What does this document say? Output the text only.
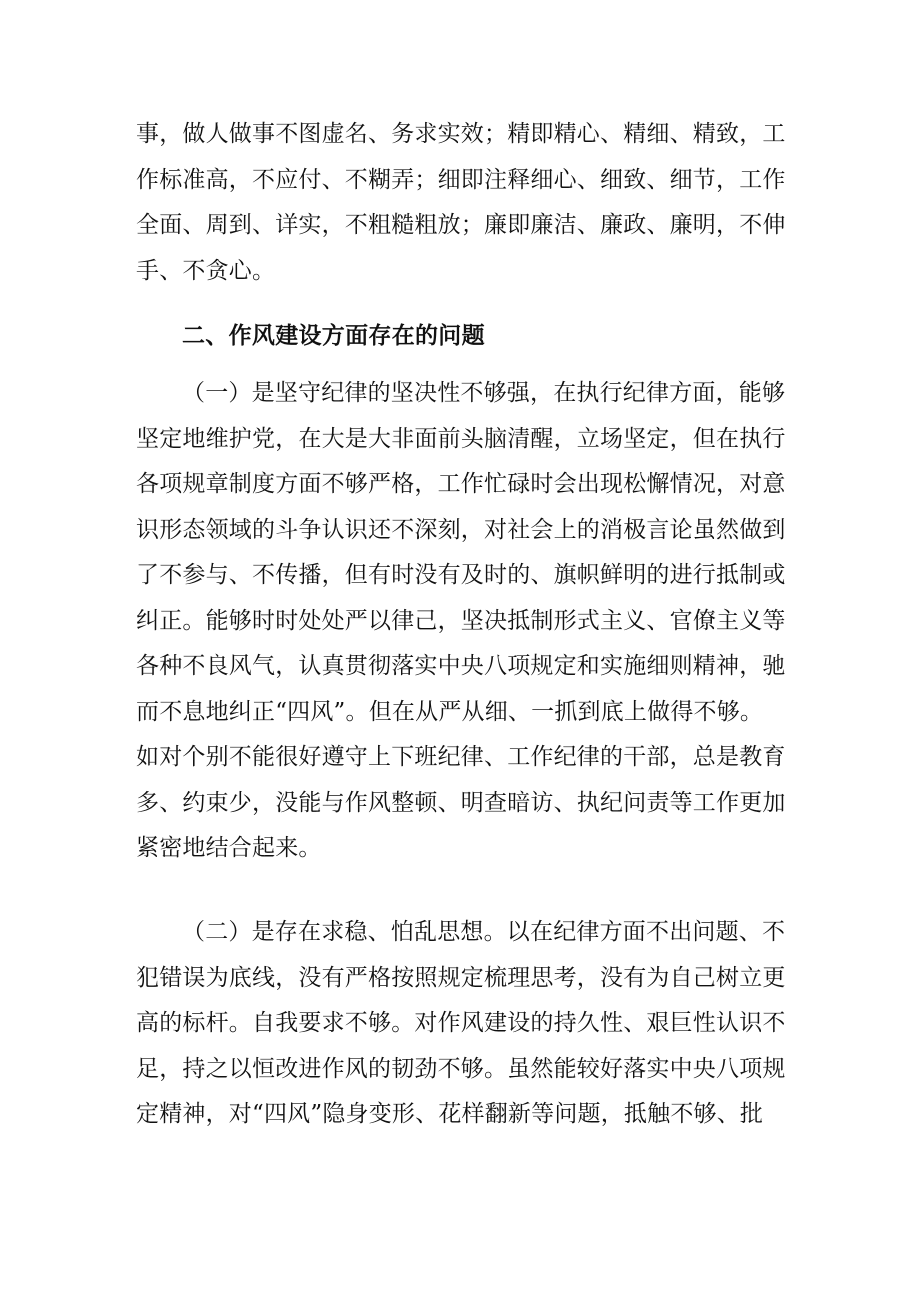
事，做人做事不图虚名、务求实效；精即精心、精细、精致，工
作标准高，不应付、不糊弄；细即注释细心、细致、细节，工作
全面、周到、详实，不粗糙粗放；廉即廉洁、廉政、廉明，不伸
手、不贪心。
二、作风建设方面存在的问题
（一）是坚守纪律的坚决性不够强，在执行纪律方面，能够
坚定地维护党，在大是大非面前头脑清醒，立场坚定，但在执行
各项规章制度方面不够严格，工作忙碌时会出现松懈情况，对意
识形态领域的斗争认识还不深刻，对社会上的消极言论虽然做到
了不参与、不传播，但有时没有及时的、旗帜鲜明的进行抵制或
纠正。能够时时处处严以律己，坚决抵制形式主义、官僚主义等
各种不良风气，认真贯彻落实中央八项规定和实施细则精神，驰
而不息地纠正“四风”。但在从严从细、一抓到底上做得不够。
如对个别不能很好遵守上下班纪律、工作纪律的干部，总是教育
多、约束少，没能与作风整顿、明查暗访、执纪问责等工作更加
紧密地结合起来。
（二）是存在求稳、怕乱思想。以在纪律方面不出问题、不
犯错误为底线，没有严格按照规定梳理思考，没有为自己树立更
高的标杆。自我要求不够。对作风建设的持久性、艰巨性认识不
足，持之以恒改进作风的韧劲不够。虽然能较好落实中央八项规
定精神，对“四风”隐身变形、花样翻新等问题，抵触不够、批
